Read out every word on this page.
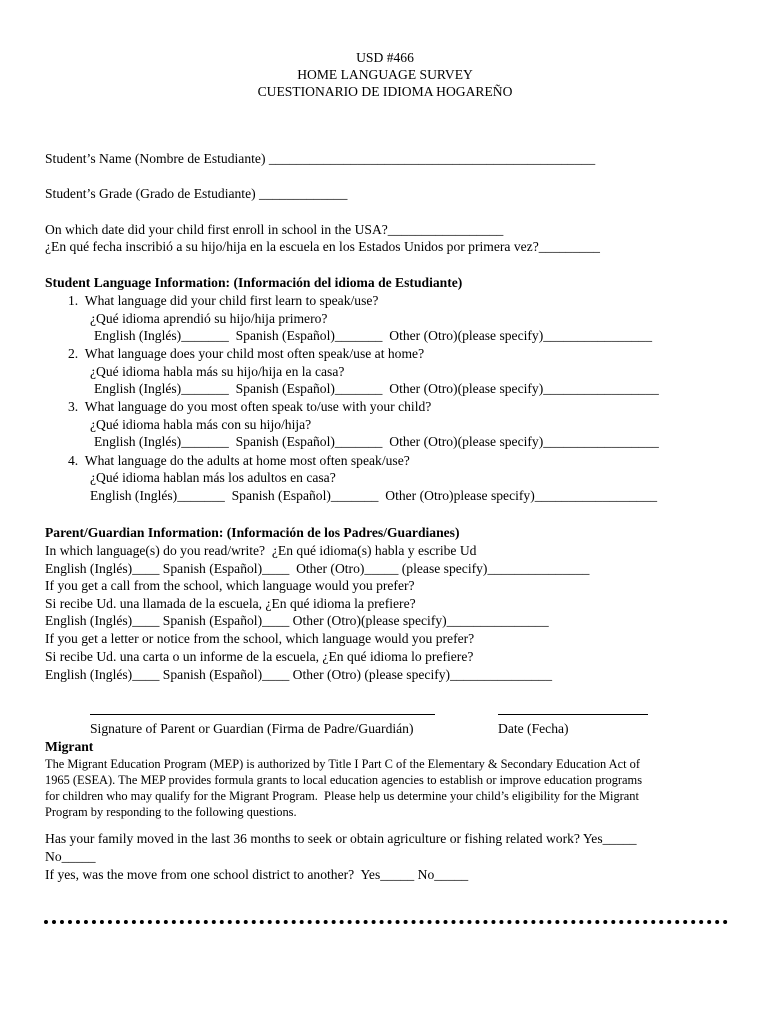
USD #466
HOME LANGUAGE SURVEY
CUESTIONARIO DE IDIOMA HOGAREÑO
Student’s Name (Nombre de Estudiante) ________________________________________________
Student’s Grade (Grado de Estudiante) _____________
On which date did your child first enroll in school in the USA?_________________
¿En qué fecha inscribió a su hijo/hija en la escuela en los Estados Unidos por primera vez?_________
Student Language Information: (Información del idioma de Estudiante)
1.  What language did your child first learn to speak/use?
¿Qué idioma aprendió su hijo/hija primero?
English (Inglés)_______  Spanish (Español)_______  Other (Otro)(please specify)________________
2.  What language does your child most often speak/use at home?
¿Qué idioma habla más su hijo/hija en la casa?
English (Inglés)_______  Spanish (Español)_______  Other (Otro)(please specify)_________________
3.  What language do you most often speak to/use with your child?
¿Qué idioma habla más con su hijo/hija?
English (Inglés)_______  Spanish (Español)_______  Other (Otro)(please specify)_________________
4.  What language do the adults at home most often speak/use?
¿Qué idioma hablan más los adultos en casa?
English (Inglés)_______  Spanish (Español)_______  Other (Otro)please specify)__________________
Parent/Guardian Information: (Información de los Padres/Guardianes)
In which language(s) do you read/write?  ¿En qué idioma(s) habla y escribe Ud
English (Inglés)____ Spanish (Español)____  Other (Otro)_____ (please specify)_______________
If you get a call from the school, which language would you prefer?
Si recibe Ud. una llamada de la escuela, ¿En qué idioma la prefiere?
English (Inglés)____ Spanish (Español)____ Other (Otro)(please specify)_______________
If you get a letter or notice from the school, which language would you prefer?
Si recibe Ud. una carta o un informe de la escuela, ¿En qué idioma lo prefiere?
English (Inglés)____ Spanish (Español)____ Other (Otro) (please specify)_______________
Signature of Parent or Guardian (Firma de Padre/Guardián)	Date (Fecha)
Migrant
The Migrant Education Program (MEP) is authorized by Title I Part C of the Elementary & Secondary Education Act of
1965 (ESEA). The MEP provides formula grants to local education agencies to establish or improve education programs
for children who may qualify for the Migrant Program.  Please help us determine your child’s eligibility for the Migrant
Program by responding to the following questions.
Has your family moved in the last 36 months to seek or obtain agriculture or fishing related work? Yes_____
No_____
If yes, was the move from one school district to another?  Yes_____ No_____
